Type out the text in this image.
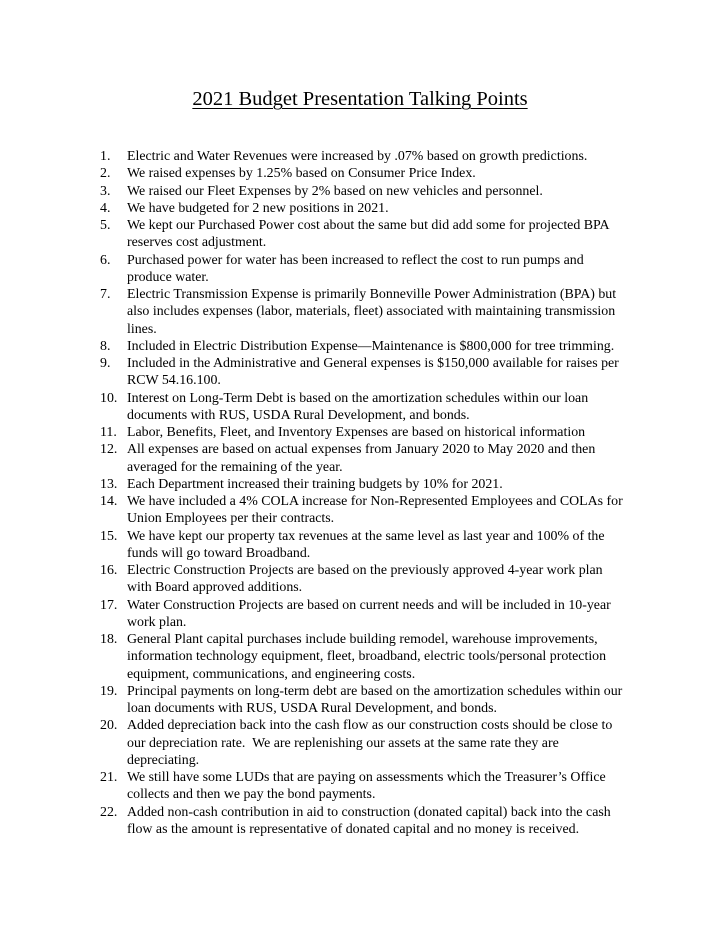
2021 Budget Presentation Talking Points
1.	Electric and Water Revenues were increased by .07% based on growth predictions.
2.	We raised expenses by 1.25% based on Consumer Price Index.
3.	We raised our Fleet Expenses by 2% based on new vehicles and personnel.
4.	We have budgeted for 2 new positions in 2021.
5.	We kept our Purchased Power cost about the same but did add some for projected BPA
reserves cost adjustment.
6.	Purchased power for water has been increased to reflect the cost to run pumps and
produce water.
7.	Electric Transmission Expense is primarily Bonneville Power Administration (BPA) but
also includes expenses (labor, materials, fleet) associated with maintaining transmission
lines.
8.	Included in Electric Distribution Expense—Maintenance is $800,000 for tree trimming.
9.	Included in the Administrative and General expenses is $150,000 available for raises per
RCW 54.16.100.
10. Interest on Long-Term Debt is based on the amortization schedules within our loan
documents with RUS, USDA Rural Development, and bonds.
11. Labor, Benefits, Fleet, and Inventory Expenses are based on historical information
12. All expenses are based on actual expenses from January 2020 to May 2020 and then
averaged for the remaining of the year.
13. Each Department increased their training budgets by 10% for 2021.
14. We have included a 4% COLA increase for Non-Represented Employees and COLAs for
Union Employees per their contracts.
15. We have kept our property tax revenues at the same level as last year and 100% of the
funds will go toward Broadband.
16. Electric Construction Projects are based on the previously approved 4-year work plan
with Board approved additions.
17. Water Construction Projects are based on current needs and will be included in 10-year
work plan.
18. General Plant capital purchases include building remodel, warehouse improvements,
information technology equipment, fleet, broadband, electric tools/personal protection
equipment, communications, and engineering costs.
19. Principal payments on long-term debt are based on the amortization schedules within our
loan documents with RUS, USDA Rural Development, and bonds.
20. Added depreciation back into the cash flow as our construction costs should be close to
our depreciation rate.  We are replenishing our assets at the same rate they are
depreciating.
21. We still have some LUDs that are paying on assessments which the Treasurer’s Office
collects and then we pay the bond payments.
22. Added non-cash contribution in aid to construction (donated capital) back into the cash
flow as the amount is representative of donated capital and no money is received.
